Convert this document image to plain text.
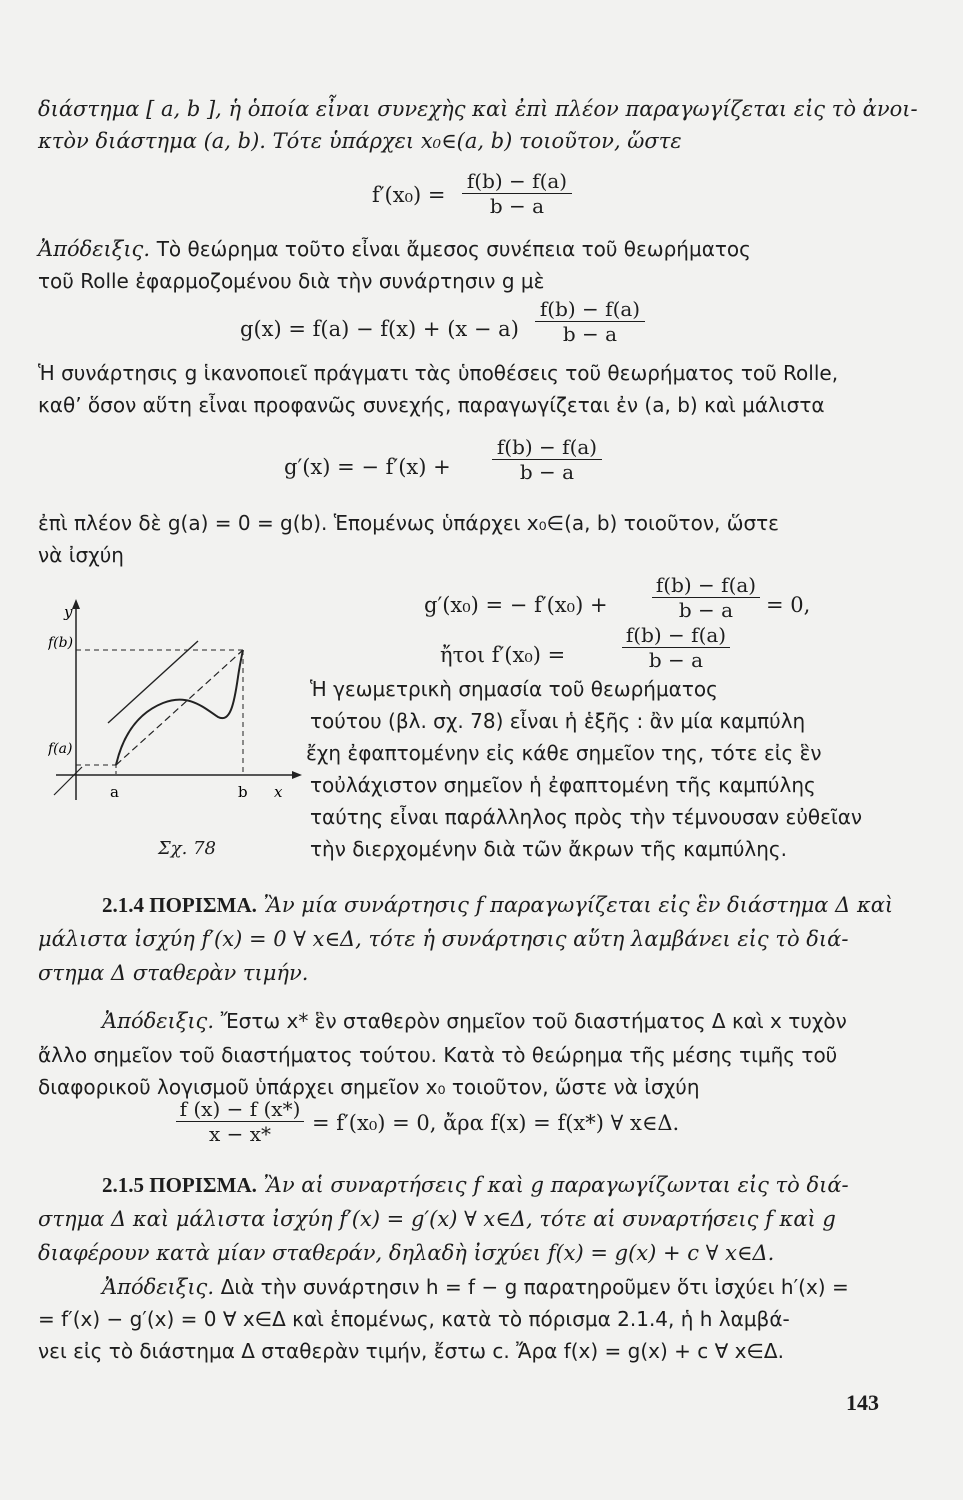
διάστημα [ a, b ], ἡ ὁποία εἶναι συνεχὴς καὶ ἐπὶ πλέον παραγωγίζεται εἰς τὸ ἀνοι-
κτὸν διάστημα (a, b). Τότε ὑπάρχει x₀∈(a, b) τοιοῦτον, ὥστε
f′(x₀) =
f(b) − f(a)
b − a
Ἀπόδειξις. Τὸ θεώρημα τοῦτο εἶναι ἄμεσος συνέπεια τοῦ θεωρήματος
τοῦ Rolle ἐφαρμοζομένου διὰ τὴν συνάρτησιν g μὲ
g(x) = f(a) − f(x) + (x − a)
f(b) − f(a)
b − a
Ἡ συνάρτησις g ἱκανοποιεῖ πράγματι τὰς ὑποθέσεις τοῦ θεωρήματος τοῦ Rolle,
καθ’ ὅσον αὕτη εἶναι προφανῶς συνεχής, παραγωγίζεται ἐν (a, b) καὶ μάλιστα
g′(x) = − f′(x) +
f(b) − f(a)
b − a
ἐπὶ πλέον δὲ g(a) = 0 = g(b). Ἑπομένως ὑπάρχει x₀∈(a, b) τοιοῦτον, ὥστε
νὰ ἰσχύη
g′(x₀) = − f′(x₀) +
f(b) − f(a)
b − a	= 0,
ἤτοι f′(x₀) =
f(b) − f(a)
b − a
y
f(b)
f(a)
a	b x
Σχ. 78
Ἡ γεωμετρικὴ σημασία τοῦ θεωρήματος
τούτου (βλ. σχ. 78) εἶναι ἡ ἑξῆς : ἂν μία καμπύλη
ἔχη ἐφαπτομένην εἰς κάθε σημεῖον της, τότε εἰς ἓν
τοὐλάχιστον σημεῖον ἡ ἐφαπτομένη τῆς καμπύλης
ταύτης εἶναι παράλληλος πρὸς τὴν τέμνουσαν εὐθεῖαν
τὴν διερχομένην διὰ τῶν ἄκρων τῆς καμπύλης.
2.1.4 ΠΟΡΙΣΜΑ. Ἂν μία συνάρτησις f παραγωγίζεται εἰς ἓν διάστημα Δ καὶ
μάλιστα ἰσχύη f′(x) = 0 ∀ x∈Δ, τότε ἡ συνάρτησις αὕτη λαμβάνει εἰς τὸ διά-
στημα Δ σταθερὰν τιμήν.
Ἀπόδειξις. Ἔστω x* ἓν σταθερὸν σημεῖον τοῦ διαστήματος Δ καὶ x τυχὸν
ἄλλο σημεῖον τοῦ διαστήματος τούτου. Κατὰ τὸ θεώρημα τῆς μέσης τιμῆς τοῦ
διαφορικοῦ λογισμοῦ ὑπάρχει σημεῖον x₀ τοιοῦτον, ὥστε νὰ ἰσχύη
f (x) − f (x*)
x − x*	= f′(x₀) = 0, ἄρα f(x) = f(x*) ∀ x∈Δ.
2.1.5 ΠΟΡΙΣΜΑ. Ἂν αἱ συναρτήσεις f καὶ g παραγωγίζωνται εἰς τὸ διά-
στημα Δ καὶ μάλιστα ἰσχύη f′(x) = g′(x) ∀ x∈Δ, τότε αἱ συναρτήσεις f καὶ g
διαφέρουν κατὰ μίαν σταθεράν, δηλαδὴ ἰσχύει f(x) = g(x) + c ∀ x∈Δ.
Ἀπόδειξις. Διὰ τὴν συνάρτησιν h = f − g παρατηροῦμεν ὅτι ἰσχύει h′(x) =
= f′(x) − g′(x) = 0 ∀ x∈Δ καὶ ἑπομένως, κατὰ τὸ πόρισμα 2.1.4, ἡ h λαμβά-
νει εἰς τὸ διάστημα Δ σταθερὰν τιμήν, ἔστω c. Ἄρα f(x) = g(x) + c ∀ x∈Δ.
143
